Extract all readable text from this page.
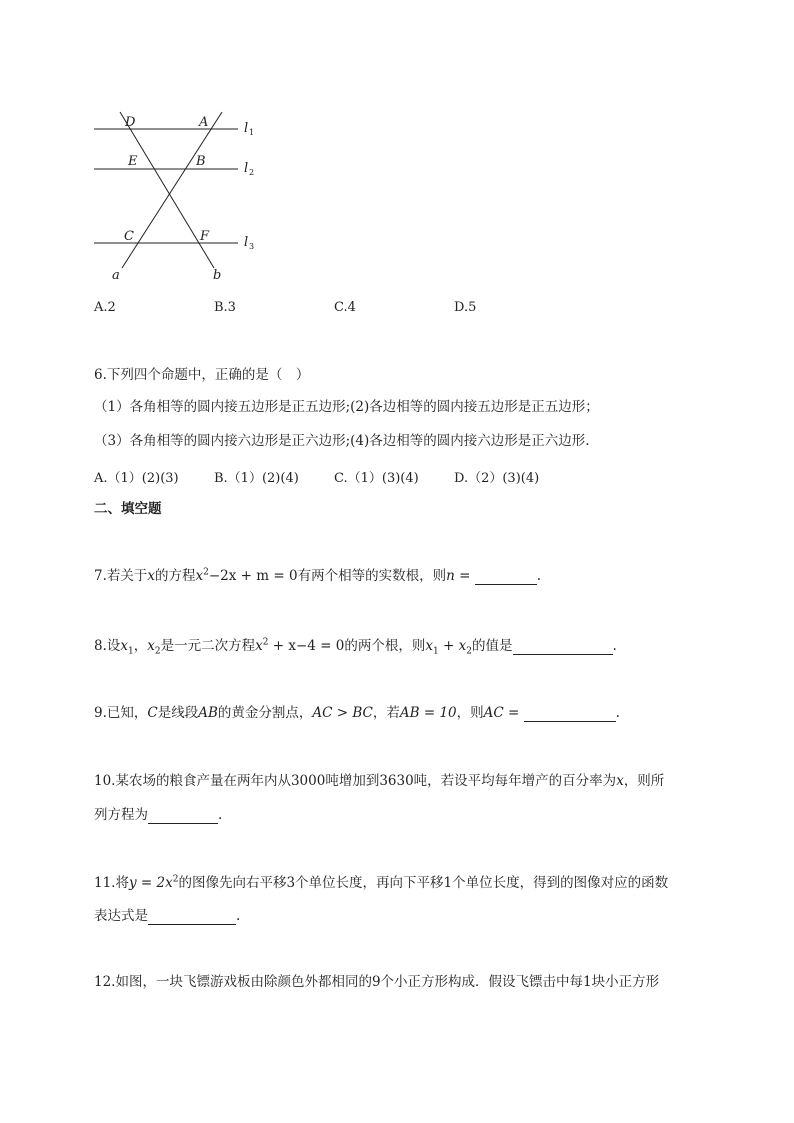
D	A
E	B
C	F
a	b
l 1
l 2
l 3
A.2	B.3	C.4	D.5
6.下列四个命题中，正确的是（　）
（1）各角相等的圆内接五边形是正五边形;(2)各边相等的圆内接五边形是正五边形；
（3）各角相等的圆内接六边形是正六边形;(4)各边相等的圆内接六边形是正六边形.
A.（1）(2)(3)	B.（1）(2)(4)	C.（1）(3)(4)	D.（2）(3)(4)
二、填空题
7.若关于x的方程$x^2-2x + m = 0$有两个相等的实数根，则n =	.
8.设$x_1$，$x_2$是一元二次方程$x^2 + x-4 = 0$的两个根，则$x_1 + x_2$的值是	.
9.已知，C是线段AB的黄金分割点，AC > BC，若AB = 10，则AC =	.
10.某农场的粮食产量在两年内从3000吨增加到3630吨，若设平均每年增产的百分率为x，则所
列方程为	.
11.将$y = 2x^2$的图像先向右平移3个单位长度，再向下平移1个单位长度，得到的图像对应的函数
表达式是	.
12.如图，一块飞镖游戏板由除颜色外都相同的9个小正方形构成．假设飞镖击中每1块小正方形
